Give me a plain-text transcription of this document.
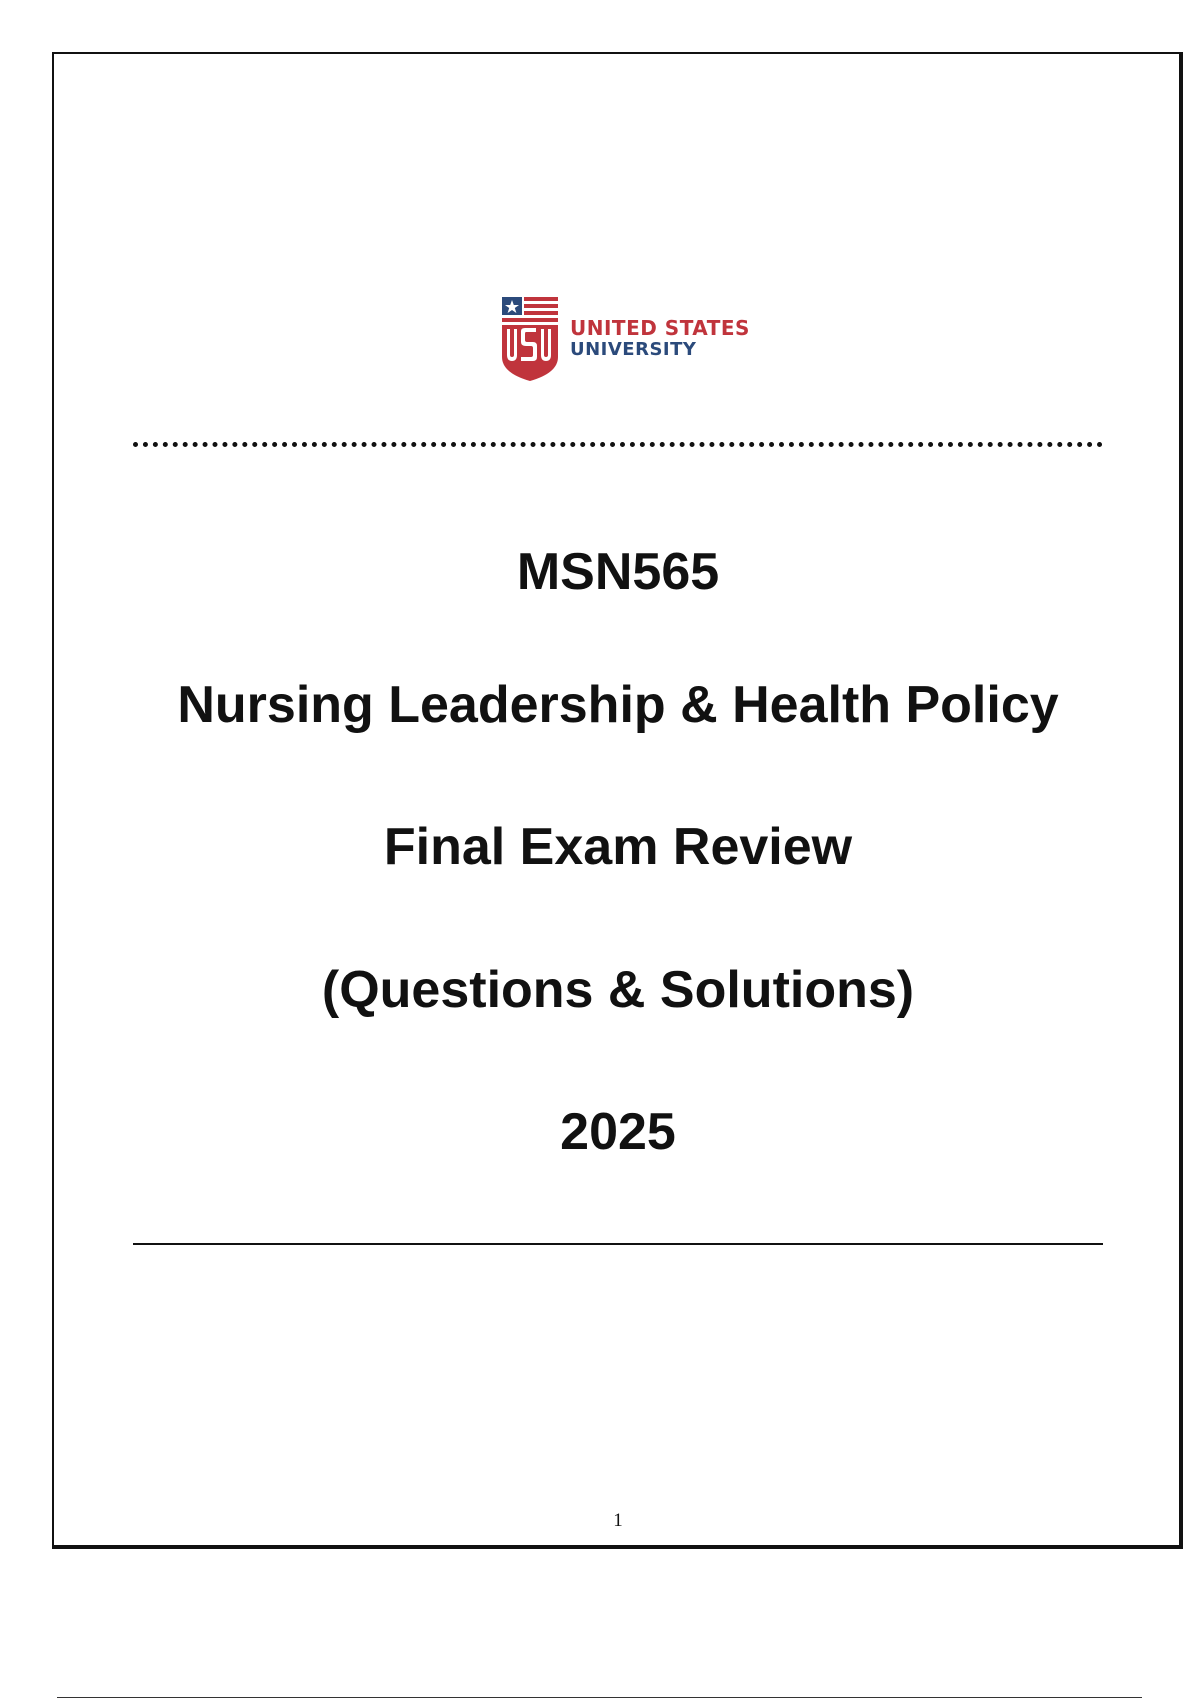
UNITED STATES
UNIVERSITY
MSN565
Nursing Leadership & Health Policy
Final Exam Review
(Questions & Solutions)
2025
1
